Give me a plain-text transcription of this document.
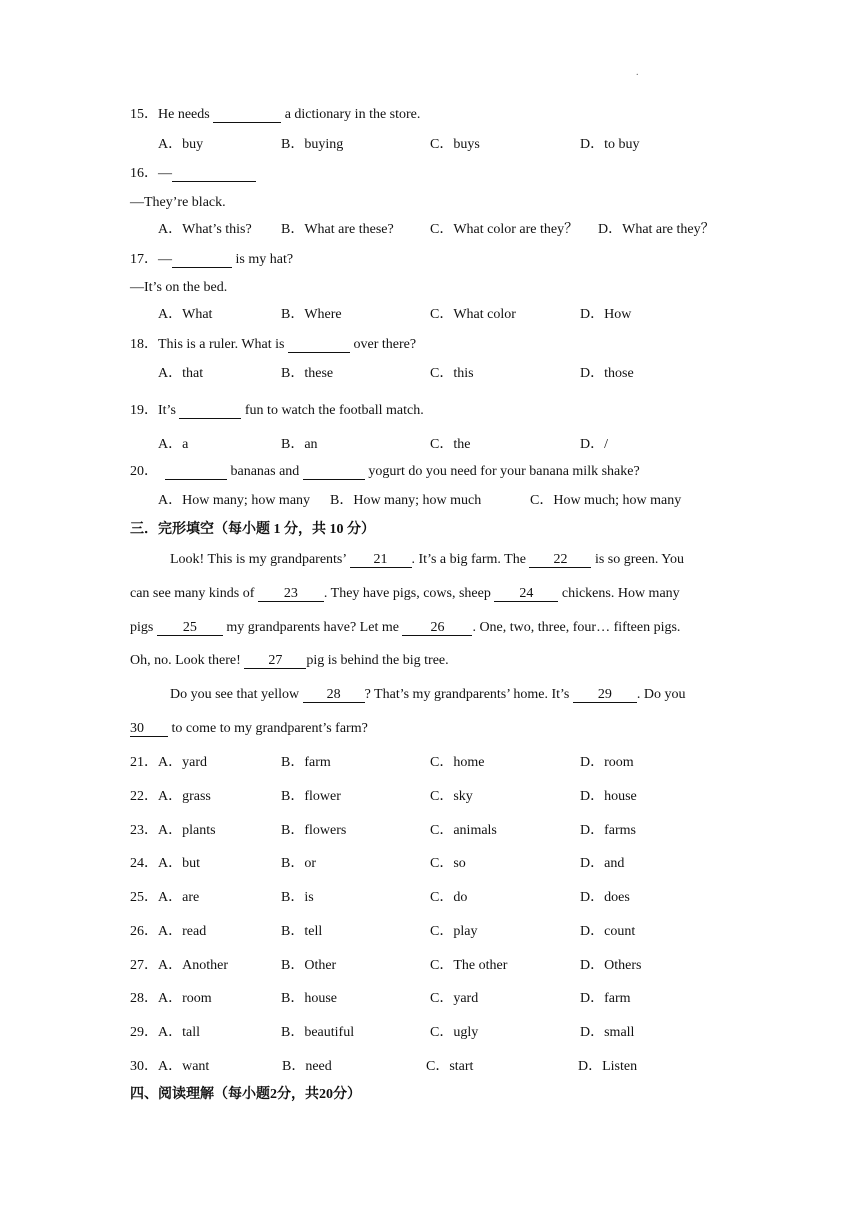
.
15．He needs	a dictionary in the store.
A．buy	B．buying	C．buys	D．to buy
16．—
—They’re black.
A．What’s this? B．What are these?	C．What color are they？ D．What are they？
17．—	is my hat?
—It’s on the bed.
A．What	B．Where	C．What color	D．How
18．This is a ruler. What is	over there?
A．that	B．these	C．this	D．those
19．It’s	fun to watch the football match.
A．a	B．an	C．the	D．/
20．	bananas and	yogurt do you need for your banana milk shake?
A．How many; how many B．How many; how much	C．How much; how many
三．完形填空（每小题 1 分，共 10 分）
Look! This is my grandparents’ 21 . It’s a big farm. The 22 is so green. You
can see many kinds of 23 . They have pigs, cows, sheep 24 chickens. How many
pigs 25 my grandparents have? Let me 26 . One, two, three, four… fifteen pigs.
Oh, no. Look there! 27 pig is behind the big tree.
Do you see that yellow 28 ? That’s my grandparents’ home. It’s 29 . Do you
30 to come to my grandparent’s farm?
21． A．yard	B．farm	C．home	D．room
22． A．grass	B．flower	C．sky	D．house
23． A．plants	B．flowers	C．animals	D．farms
24． A．but	B．or	C．so	D．and
25． A．are	B．is	C．do	D．does
26． A．read	B．tell	C．play	D．count
27． A．Another	B．Other	C．The other	D．Others
28． A．room	B．house	C．yard	D．farm
29． A．tall	B．beautiful	C．ugly	D．small
30． A．want	B．need	C．start	D．Listen
四、阅读理解（每小题2分，共20分）
